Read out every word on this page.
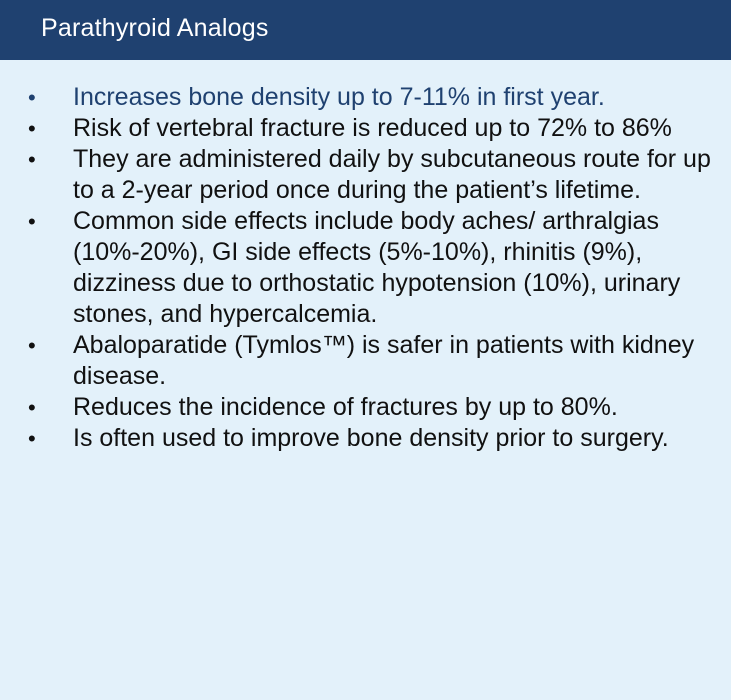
Parathyroid Analogs
• Increases bone density up to 7-11% in first year.
• Risk of vertebral fracture is reduced up to 72% to 86%
• They are administered daily by subcutaneous route for up to a 2-year period once during the patient’s lifetime.
• Common side effects include body aches/ arthralgias (10%-20%), GI side effects (5%-10%), rhinitis (9%), dizziness due to orthostatic hypotension (10%), urinary stones, and hypercalcemia.
• Abaloparatide (Tymlos™) is safer in patients with kidney disease.
• Reduces the incidence of fractures by up to 80%.
• Is often used to improve bone density prior to surgery.
